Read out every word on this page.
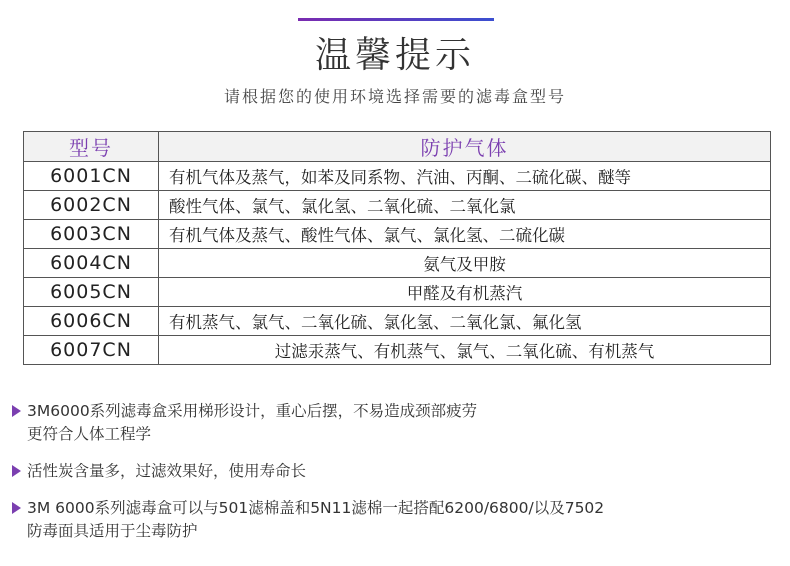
温馨提示
请根据您的使用环境选择需要的滤毒盒型号
型号	防护气体
6001CN	有机气体及蒸气，如苯及同系物、汽油、丙酮、二硫化碳、醚等
6002CN	酸性气体、氯气、氯化氢、二氧化硫、二氧化氯
6003CN	有机气体及蒸气、酸性气体、氯气、氯化氢、二硫化碳
6004CN	氨气及甲胺
6005CN	甲醛及有机蒸汽
6006CN	有机蒸气、氯气、二氧化硫、氯化氢、二氧化氯、氟化氢
6007CN	过滤汞蒸气、有机蒸气、氯气、二氧化硫、有机蒸气
3M6000系列滤毒盒采用梯形设计，重心后摆，不易造成颈部疲劳
更符合人体工程学
活性炭含量多，过滤效果好，使用寿命长
3M 6000系列滤毒盒可以与501滤棉盖和5N11滤棉一起搭配6200/6800/以及7502
防毒面具适用于尘毒防护
